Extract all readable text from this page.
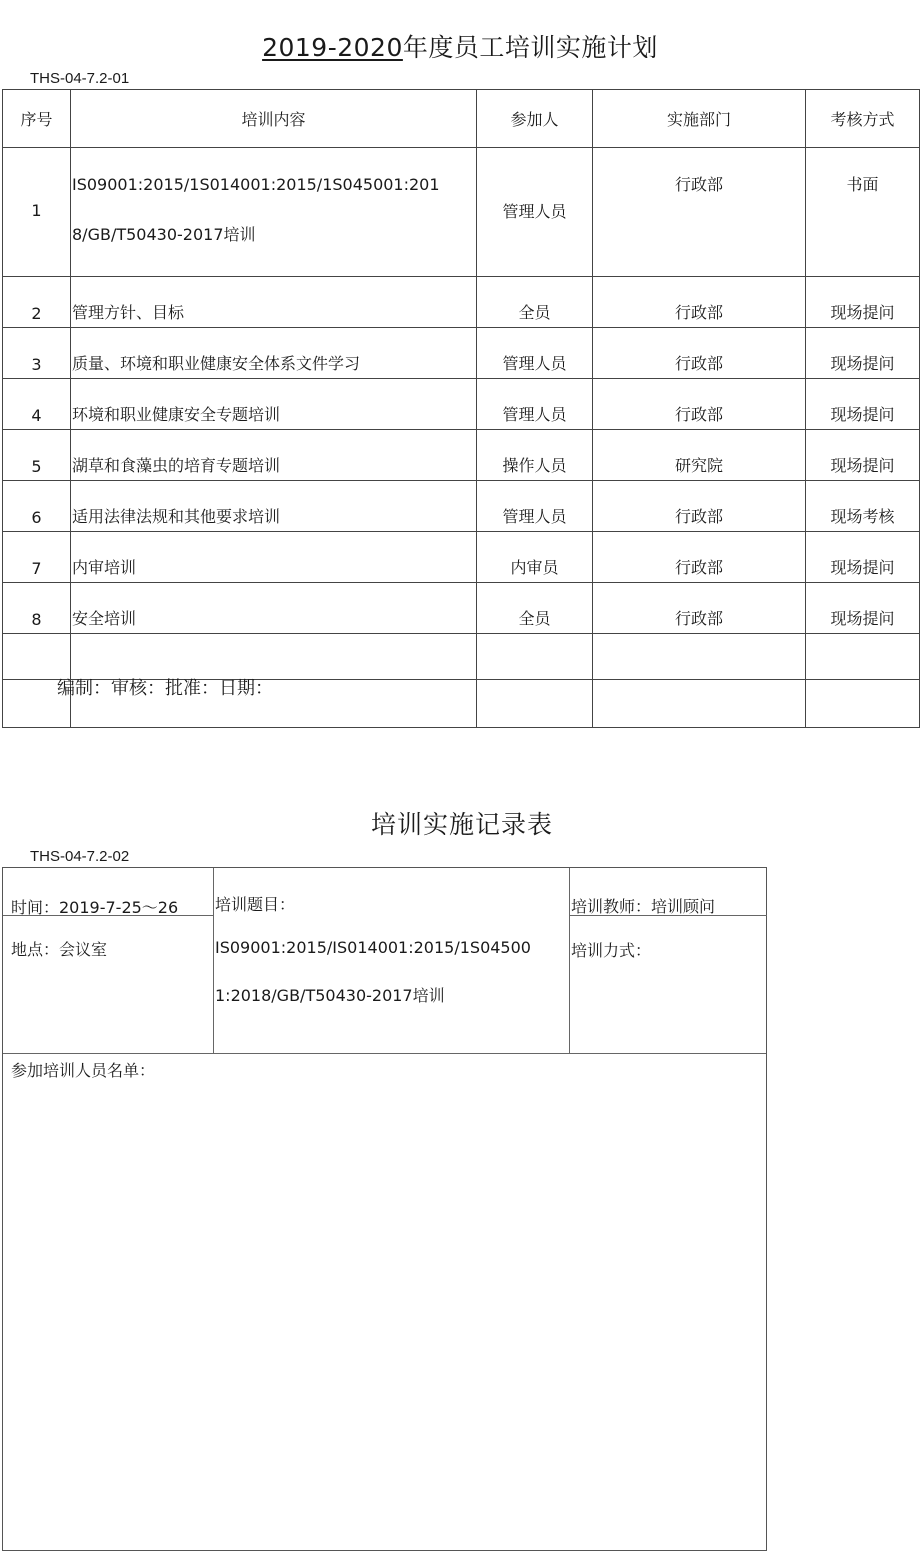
2019-2020年度员工培训实施计划
THS-04-7.2-01
序号	培训内容	参加人	实施部门	考核方式
1	IS09001:2015/1S014001:2015/1S045001:201
8/GB/T50430-2017培训	管理人员	行政部	书面
2	管理方针、目标	全员	行政部	现场提问
3	质量、环境和职业健康安全体系文件学习	管理人员	行政部	现场提问
4	环境和职业健康安全专题培训	管理人员	行政部	现场提问
5	湖草和食藻虫的培育专题培训	操作人员	研究院	现场提问
6	适用法律法规和其他要求培训	管理人员	行政部	现场考核
7	内审培训	内审员	行政部	现场提问
8	安全培训	全员	行政部	现场提问

编制：审核：批准：日期：
培训实施记录表
THS-04-7.2-02
时间：2019-7-25～26
地点：会议室
培训题目：
IS09001:2015/IS014001:2015/1S04500
1:2018/GB/T50430-2017培训
培训教师：培训顾问
培训力式：
参加培训人员名单：
